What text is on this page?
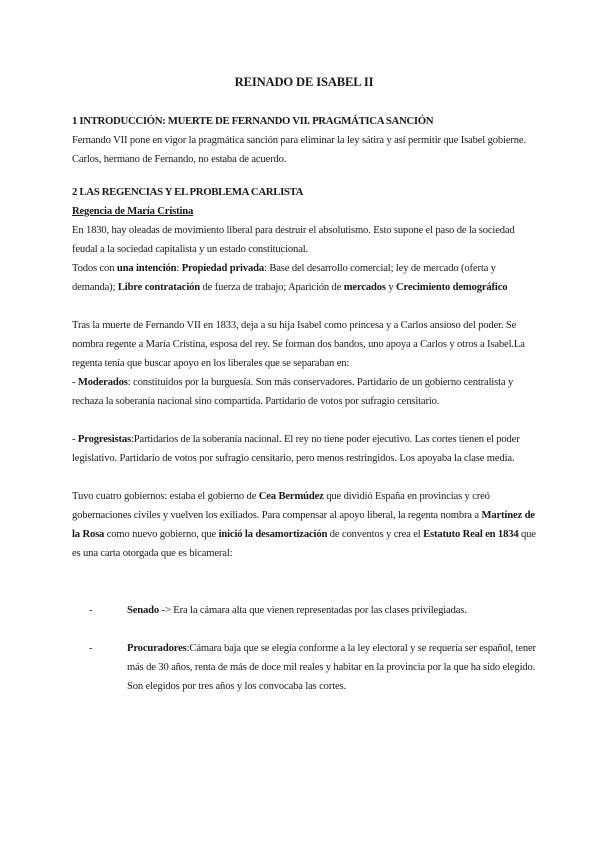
REINADO DE ISABEL II
1 INTRODUCCIÓN: MUERTE DE FERNANDO VII. PRAGMÁTICA SANCIÓN

Fernando VII pone en vigor la pragmática sanción para eliminar la ley sátira y así permitir que Isabel gobierne. Carlos, hermano de Fernando, no estaba de acuerdo.

2 LAS REGENCIAS Y EL PROBLEMA CARLISTA

Regencia de María Cristina

En 1830, hay oleadas de movimiento liberal para destruir el absolutismo. Esto supone el paso de la sociedad feudal a la sociedad capitalista y un estado constitucional.

Todos con una intención: Propiedad privada: Base del desarrollo comercial; ley de mercado (oferta y demanda); Libre contratación de fuerza de trabajo; Aparición de mercados y Crecimiento demográfico

Tras la muerte de Fernando VII en 1833, deja a su hija Isabel como princesa y a Carlos ansioso del poder. Se nombra regente a María Cristina, esposa del rey. Se forman dos bandos, uno apoya a Carlos y otros a Isabel.La regenta tenía que buscar apoyo en los liberales que se separaban en:

- Moderados: constituidos por la burguesía. Son más conservadores. Partidario de un gobierno centralista y rechaza la soberanía nacional sino compartida. Partidario de votos por sufragio censitario.

- Progresistas:Partidarios de la soberanía nacional. El rey no tiene poder ejecutivo. Las cortes tienen el poder legislativo. Partidario de votos por sufragio censitario, pero menos restringidos. Los apoyaba la clase media.

Tuvo cuatro gobiernos: estaba el gobierno de Cea Bermúdez que dividió España en provincias y creó gobernaciones civiles y vuelven los exiliados. Para compensar al apoyo liberal, la regenta nombra a Martínez de la Rosa como nuevo gobierno, que inició la desamortización de conventos y crea el Estatuto Real en 1834 que es una carta otorgada que es bicameral:

-	Senado -> Era la cámara alta que vienen representadas por las clases privilegiadas.
-	Procuradores:Cámara baja que se elegía conforme a la ley electoral y se requería ser español, tener más de 30 años, renta de más de doce mil reales y habitar en la provincia por la que ha sido elegido. Son elegidos por tres años y los convocaba las cortes.
